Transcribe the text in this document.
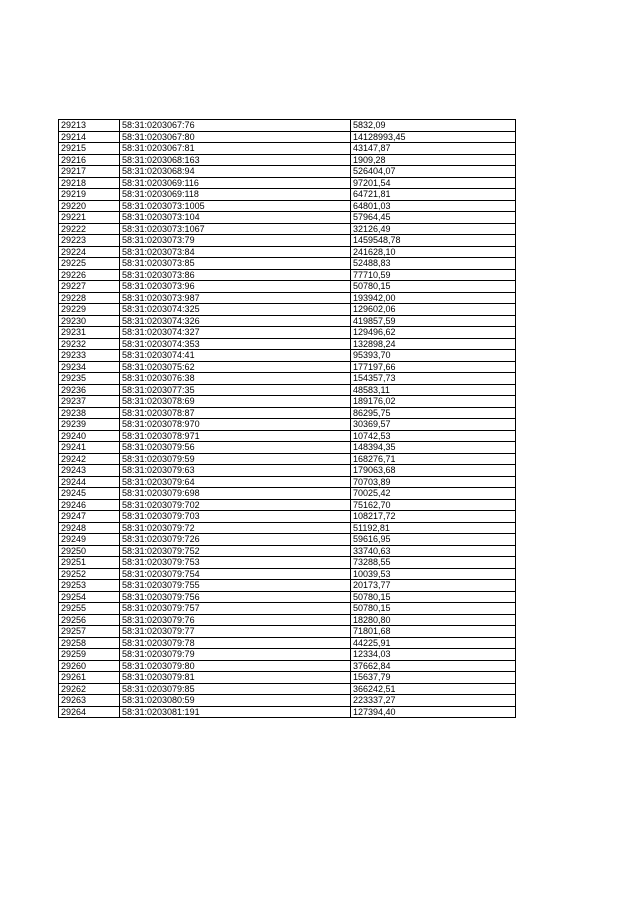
29213	58:31:0203067:76	5832,09
29214	58:31:0203067:80	14128993,45
29215	58:31:0203067:81	43147,87
29216	58:31:0203068:163	1909,28
29217	58:31:0203068:94	526404,07
29218	58:31:0203069:116	97201,54
29219	58:31:0203069:118	64721,81
29220	58:31:0203073:1005	64801,03
29221	58:31:0203073:104	57964,45
29222	58:31:0203073:1067	32126,49
29223	58:31:0203073:79	1459548,78
29224	58:31:0203073:84	241628,10
29225	58:31:0203073:85	52488,83
29226	58:31:0203073:86	77710,59
29227	58:31:0203073:96	50780,15
29228	58:31:0203073:987	193942,00
29229	58:31:0203074:325	129602,06
29230	58:31:0203074:326	419857,59
29231	58:31:0203074:327	129496,62
29232	58:31:0203074:353	132898,24
29233	58:31:0203074:41	95393,70
29234	58:31:0203075:62	177197,66
29235	58:31:0203076:38	154357,73
29236	58:31:0203077:35	48583,11
29237	58:31:0203078:69	189176,02
29238	58:31:0203078:87	86295,75
29239	58:31:0203078:970	30369,57
29240	58:31:0203078:971	10742,53
29241	58:31:0203079:56	148394,35
29242	58:31:0203079:59	168276,71
29243	58:31:0203079:63	179063,68
29244	58:31:0203079:64	70703,89
29245	58:31:0203079:698	70025,42
29246	58:31:0203079:702	75162,70
29247	58:31:0203079:703	108217,72
29248	58:31:0203079:72	51192,81
29249	58:31:0203079:726	59616,95
29250	58:31:0203079:752	33740,63
29251	58:31:0203079:753	73288,55
29252	58:31:0203079:754	10039,53
29253	58:31:0203079:755	20173,77
29254	58:31:0203079:756	50780,15
29255	58:31:0203079:757	50780,15
29256	58:31:0203079:76	18280,80
29257	58:31:0203079:77	71801,68
29258	58:31:0203079:78	44225,91
29259	58:31:0203079:79	12334,03
29260	58:31:0203079:80	37662,84
29261	58:31:0203079:81	15637,79
29262	58:31:0203079:85	366242,51
29263	58:31:0203080:59	223337,27
29264	58:31:0203081:191	127394,40
